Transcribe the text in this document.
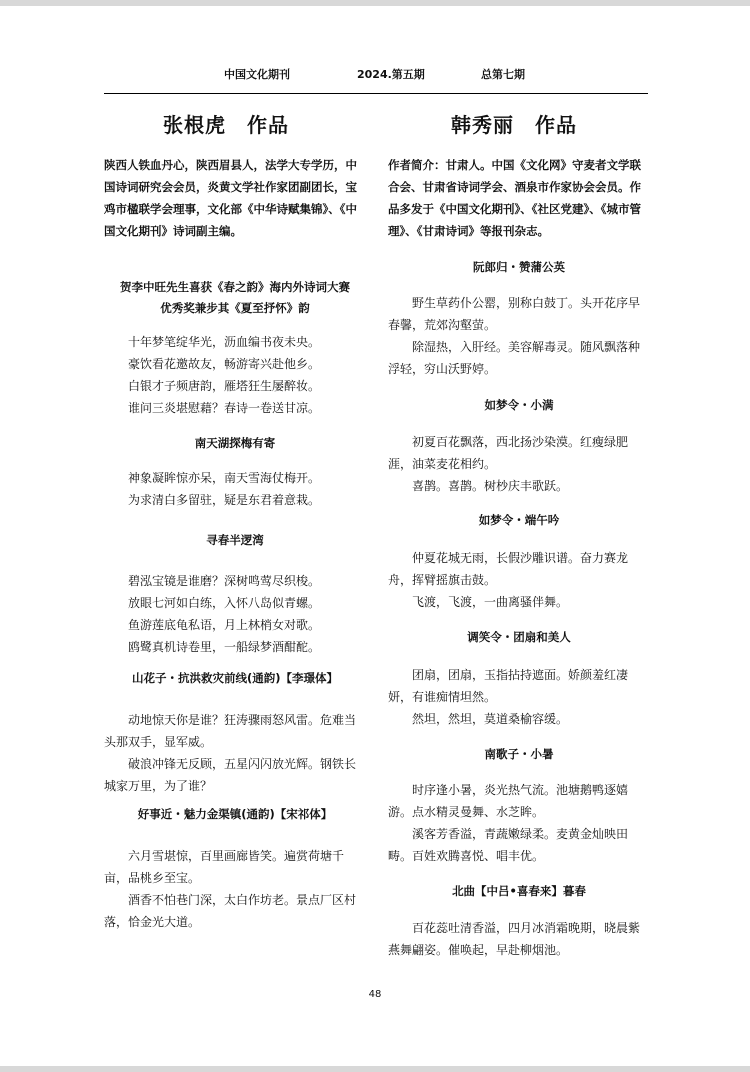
中国文化期刊	2024.第五期	总第七期
张根虎　作品
陕西人铁血丹心，陕西眉县人，法学大专学历，中国诗词研究会会员，炎黄文学社作家团副团长，宝鸡市楹联学会理事，文化部《中华诗赋集锦》、《中国文化期刊》诗词副主编。
贺李中旺先生喜获《春之韵》海内外诗词大赛
优秀奖兼步其《夏至抒怀》韵

十年梦笔绽华光，沥血编书夜未央。

豪饮看花邀故友，畅游寄兴赴他乡。

白银才子频唐韵，雁塔狂生屡醉妆。

谁问三炎堪慰藉？春诗一卷送甘凉。

南天湖探梅有寄

神象凝眸惊亦呆，南天雪海仗梅开。

为求清白多留驻，疑是东君着意栽。

寻春半逻湾

碧泓宝镜是谁磨？深树鸣莺尽织梭。

放眼七河如白练，入怀八岛似青螺。

鱼游莲底龟私语，月上林梢女对歌。

鸥鹭真机诗卷里，一船绿梦酒酣酡。

山花子・抗洪救灾前线(通韵)【李璟体】

动地惊天你是谁？狂涛骤雨怒风雷。危难当头那双手，显军威。

破浪冲锋无反顾，五星闪闪放光辉。钢铁长城家万里，为了谁？

好事近・魅力金渠镇(通韵)【宋祁体】

六月雪堪惊，百里画廊皆笑。遍赏荷塘千亩，品桃乡至宝。

酒香不怕巷门深，太白作坊老。景点厂区村落，恰金光大道。

韩秀丽　作品
作者简介：甘肃人。中国《文化网》守麦者文学联合会、甘肃省诗词学会、酒泉市作家协会会员。作品多发于《中国文化期刊》、《社区党建》、《城市管理》、《甘肃诗词》等报刊杂志。
阮郎归・赞蒲公英

野生草药仆公罂，别称白鼓丁。头开花序早春馨，荒郊沟壑萤。

除湿热，入肝经。美容解毒灵。随风飘落种浮轻，穷山沃野婷。

如梦令・小满

初夏百花飘落，西北扬沙染漠。红瘦绿肥涯，油菜麦花相约。

喜鹊。喜鹊。树杪庆丰歌跃。

如梦令・端午吟

仲夏花城无雨，长假沙雕识谱。奋力赛龙舟，挥臂摇旗击鼓。

飞渡，飞渡，一曲离骚伴舞。

调笑令・团扇和美人

团扇，团扇，玉指拈持遮面。娇颜羞红凄妍，有谁痴情坦然。

然坦，然坦，莫道桑榆容缓。

南歌子・小暑

时序逢小暑，炎光热气流。池塘鹅鸭逐嬉游。点水精灵曼舞、水芝眸。

溪客芳香溢，青蔬嫩绿柔。麦黄金灿映田畴。百姓欢腾喜悦、唱丰优。

北曲【中吕•喜春来】暮春

百花蕊吐清香溢，四月冰消霜晚期，晓晨紫燕舞翩姿。催唤起，早赴柳烟池。

48
